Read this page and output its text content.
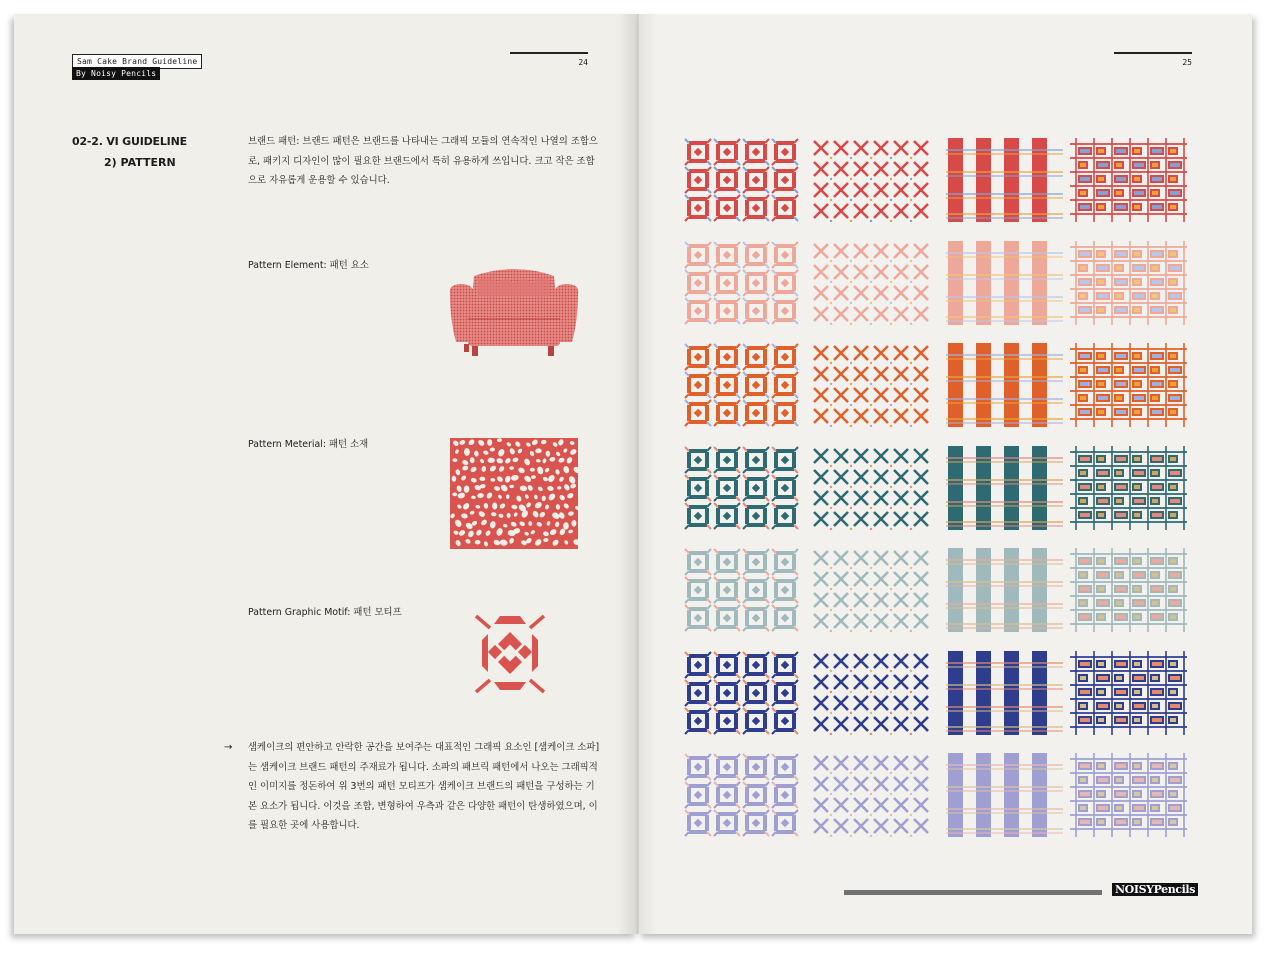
Sam Cake Brand Guideline
By Noisy Pencils
24
02-2. VI GUIDELINE
2) PATTERN
브랜드 패턴: 브랜드 패턴은 브랜드를 나타내는 그래픽 모듈의 연속적인 나열의 조합으로, 패키지 디자인이 많이 필요한 브랜드에서 특히 유용하게 쓰입니다. 크고 작은 조합으로 자유롭게 운용할 수 있습니다.
Pattern Element: 패턴 요소
Pattern Meterial: 패턴 소재
Pattern Graphic Motif: 패턴 모티프
→ 샘케이크의 편안하고 안락한 공간을 보여주는 대표적인 그래픽 요소인 [샘케이크 소파]는 샘케이크 브랜드 패턴의 주재료가 됩니다. 소파의 패브릭 패턴에서 나오는 그래픽적인 이미지를 정돈하여 위 3번의 패턴 모티프가 샘케이크 브랜드의 패턴을 구성하는 기본 요소가 됩니다. 이것을 조합, 변형하여 우측과 같은 다양한 패턴이 탄생하였으며, 이를 필요한 곳에 사용합니다.
25
NOISYPencils
